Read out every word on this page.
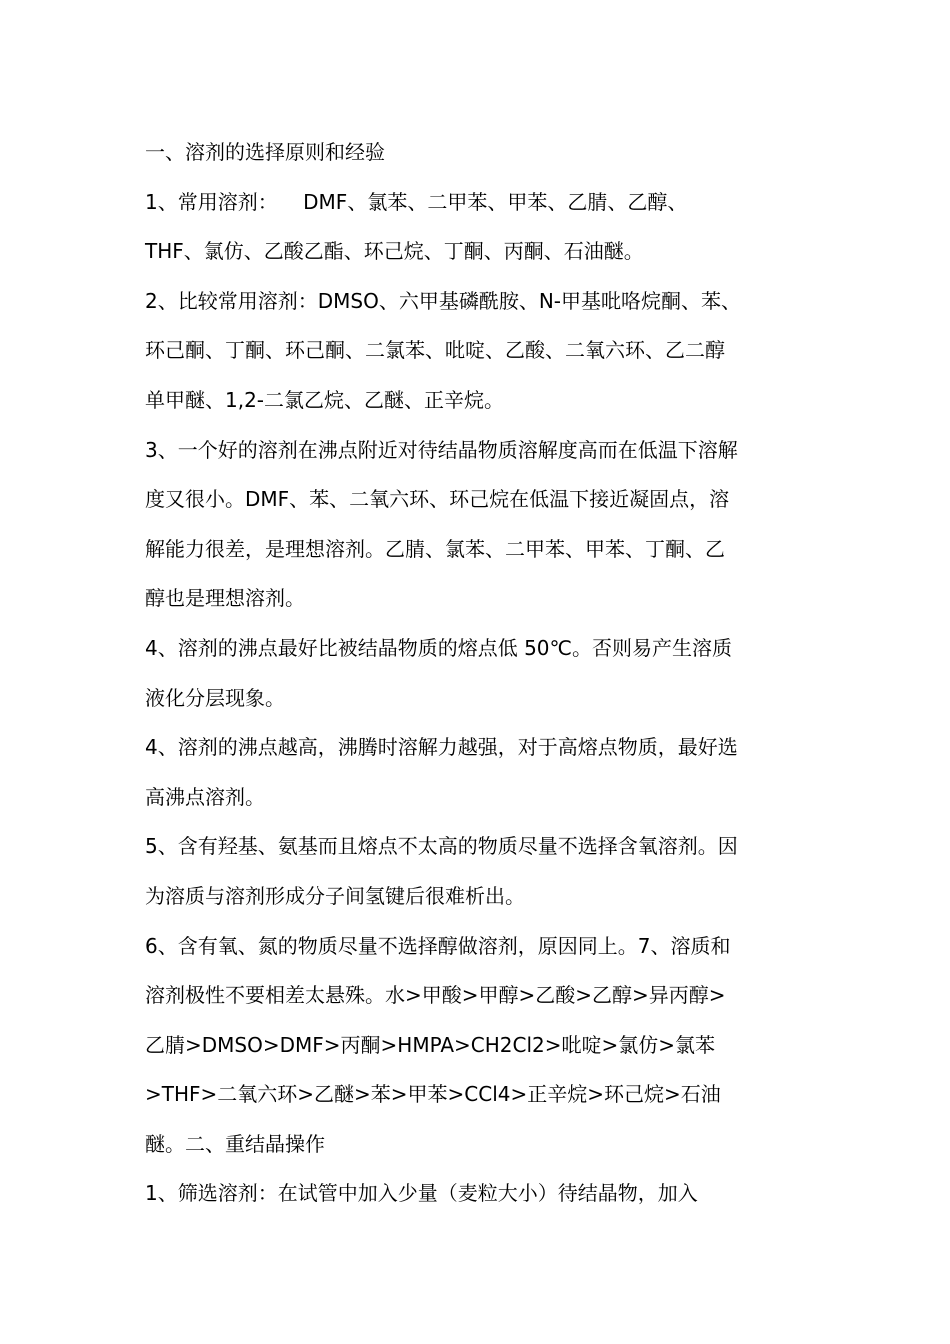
一、溶剂的选择原则和经验
1、常用溶剂：    DMF、氯苯、二甲苯、甲苯、乙腈、乙醇、
THF、氯仿、乙酸乙酯、环己烷、丁酮、丙酮、石油醚。
2、比较常用溶剂：DMSO、六甲基磷酰胺、N-甲基吡咯烷酮、苯、
环己酮、丁酮、环己酮、二氯苯、吡啶、乙酸、二氧六环、乙二醇
单甲醚、1,2-二氯乙烷、乙醚、正辛烷。
3、一个好的溶剂在沸点附近对待结晶物质溶解度高而在低温下溶解
度又很小。DMF、苯、二氧六环、环己烷在低温下接近凝固点，溶
解能力很差，是理想溶剂。乙腈、氯苯、二甲苯、甲苯、丁酮、乙
醇也是理想溶剂。
4、溶剂的沸点最好比被结晶物质的熔点低 50℃。否则易产生溶质
液化分层现象。
4、溶剂的沸点越高，沸腾时溶解力越强，对于高熔点物质，最好选
高沸点溶剂。
5、含有羟基、氨基而且熔点不太高的物质尽量不选择含氧溶剂。因
为溶质与溶剂形成分子间氢键后很难析出。
6、含有氧、氮的物质尽量不选择醇做溶剂，原因同上。7、溶质和
溶剂极性不要相差太悬殊。水>甲酸>甲醇>乙酸>乙醇>异丙醇>
乙腈>DMSO>DMF>丙酮>HMPA>CH2Cl2>吡啶>氯仿>氯苯
>THF>二氧六环>乙醚>苯>甲苯>CCl4>正辛烷>环己烷>石油
醚。二、重结晶操作
1、筛选溶剂：在试管中加入少量（麦粒大小）待结晶物，加入
